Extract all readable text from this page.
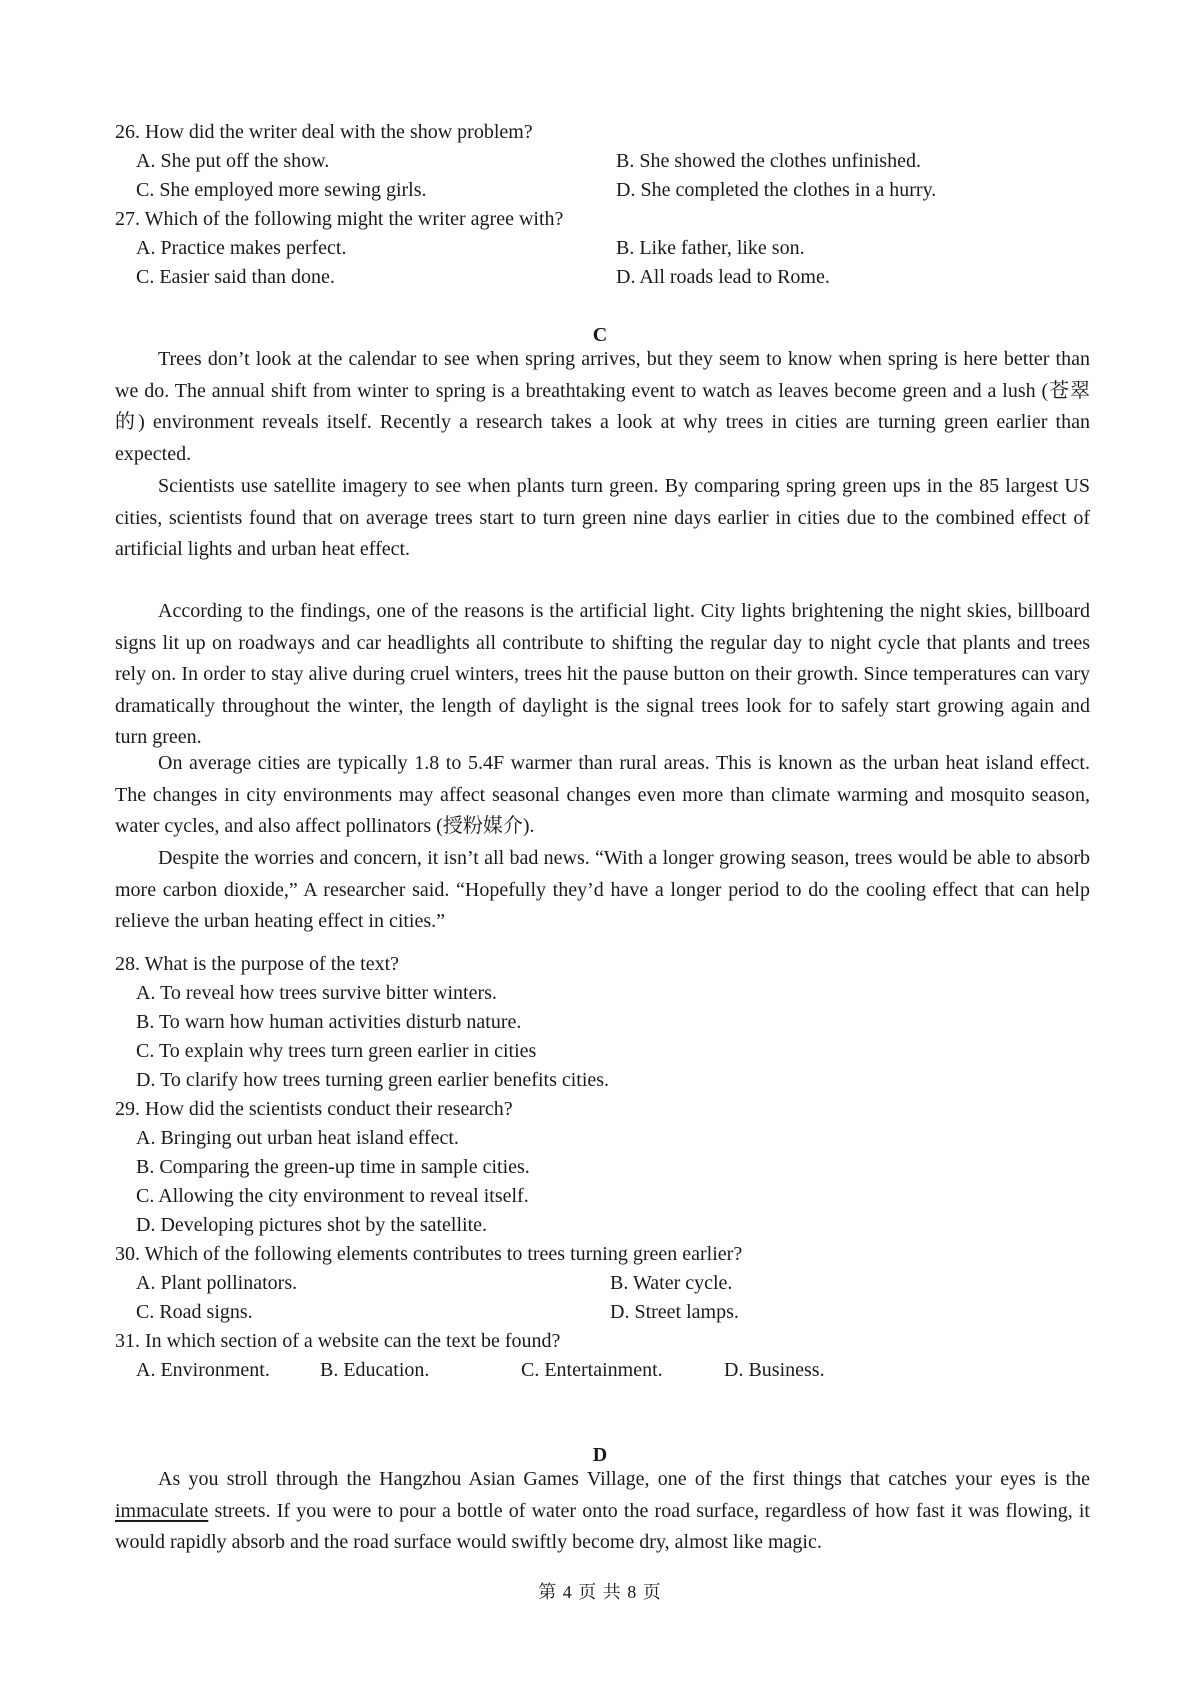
26. How did the writer deal with the show problem?
A. She put off the show.	B. She showed the clothes unfinished.
C. She employed more sewing girls.	D. She completed the clothes in a hurry.
27. Which of the following might the writer agree with?
A. Practice makes perfect.	B. Like father, like son.
C. Easier said than done.	D. All roads lead to Rome.
C

Trees don’t look at the calendar to see when spring arrives, but they seem to know when spring is here better than we do. The annual shift from winter to spring is a breathtaking event to watch as leaves become green and a lush (苍翠的) environment reveals itself. Recently a research takes a look at why trees in cities are turning green earlier than expected.

Scientists use satellite imagery to see when plants turn green. By comparing spring green ups in the 85 largest US cities, scientists found that on average trees start to turn green nine days earlier in cities due to the combined effect of artificial lights and urban heat effect.

According to the findings, one of the reasons is the artificial light. City lights brightening the night skies, billboard signs lit up on roadways and car headlights all contribute to shifting the regular day to night cycle that plants and trees rely on. In order to stay alive during cruel winters, trees hit the pause button on their growth. Since temperatures can vary dramatically throughout the winter, the length of daylight is the signal trees look for to safely start growing again and turn green.

On average cities are typically 1.8 to 5.4F warmer than rural areas. This is known as the urban heat island effect. The changes in city environments may affect seasonal changes even more than climate warming and mosquito season, water cycles, and also affect pollinators (授粉媒介).

Despite the worries and concern, it isn’t all bad news. “With a longer growing season, trees would be able to absorb more carbon dioxide,” A researcher said. “Hopefully they’d have a longer period to do the cooling effect that can help relieve the urban heating effect in cities.”

28. What is the purpose of the text?
A. To reveal how trees survive bitter winters.
B. To warn how human activities disturb nature.
C. To explain why trees turn green earlier in cities
D. To clarify how trees turning green earlier benefits cities.
29. How did the scientists conduct their research?
A. Bringing out urban heat island effect.
B. Comparing the green-up time in sample cities.
C. Allowing the city environment to reveal itself.
D. Developing pictures shot by the satellite.
30. Which of the following elements contributes to trees turning green earlier?
A. Plant pollinators.	B. Water cycle.
C. Road signs.	D. Street lamps.
31. In which section of a website can the text be found?
A. Environment.	B. Education.	C. Entertainment.	D. Business.
D

As you stroll through the Hangzhou Asian Games Village, one of the first things that catches your eyes is the immaculate streets. If you were to pour a bottle of water onto the road surface, regardless of how fast it was flowing, it would rapidly absorb and the road surface would swiftly become dry, almost like magic.

第 4 页 共 8 页
